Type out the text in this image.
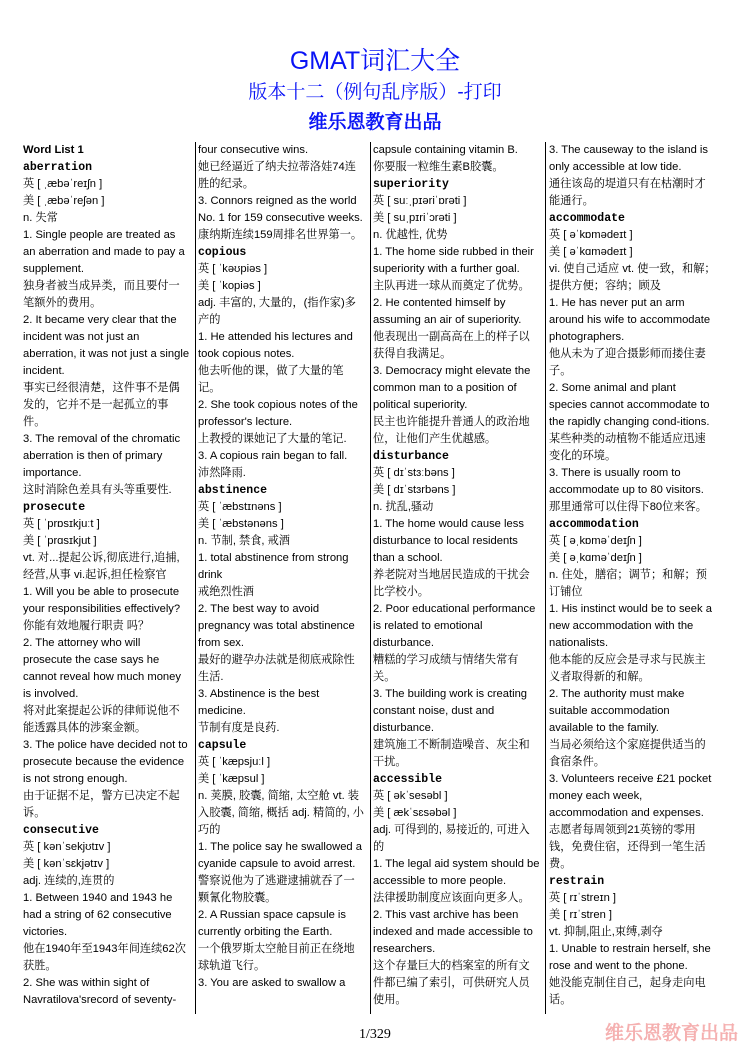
GMAT词汇大全
版本十二（例句乱序版）-打印
维乐恩教育出品
Word List 1
aberration
英 [ ˌæbəˈreɪʃn ]
美 [ ˌæbəˈreʃən ]
n. 失常
1. Single people are treated as an aberration and made to pay a supplement.
独身者被当成异类，而且要付一笔额外的费用。
2. It became very clear that the incident was not just an aberration, it was not just a single incident.
事实已经很清楚，这件事不是偶发的，它并不是一起孤立的事件。
3. The removal of the chromatic aberration is then of primary importance.
这时消除色差具有头等重要性.
prosecute
英 [ ˈprɒsɪkjuːt ]
美 [ ˈprɑsɪkjut ]
vt. 对...提起公诉,彻底进行,追捕,经营,从事 vi.起诉,担任检察官
1. Will you be able to prosecute your responsibilities effectively?
你能有效地履行职责 吗？
2. The attorney who will prosecute the case says he cannot reveal how much money is involved.
将对此案提起公诉的律师说他不能透露具体的涉案金额。
3. The police have decided not to prosecute because the evidence is not strong enough.
由于证据不足，警方已决定不起诉。
consecutive
英 [ kənˈsekjʊtɪv ]
美 [ kənˈsɛkjətɪv ]
adj. 连续的,连贯的
1. Between 1940 and 1943 he had a string of 62 consecutive victories.
他在1940年至1943年间连续62次获胜。
2. She was within sight of Navratilova'srecord of seventy-
four consecutive wins.
她已经逼近了纳夫拉蒂洛娃74连胜的纪录。
3. Connors reigned as the world No. 1 for 159 consecutive weeks.
康纳斯连续159周排名世界第一。
copious
英 [ ˈkəʊpiəs ]
美 [ ˈkopiəs ]
adj. 丰富的, 大量的，(指作家)多产的
1. He attended his lectures and took copious notes.
他去听他的课，做了大量的笔记。
2. She took copious notes of the professor's lecture.
上教授的课她记了大量的笔记.
3. A copious rain began to fall.
沛然降雨.
abstinence
英 [ ˈæbstɪnəns ]
美 [ ˈæbstənəns ]
n. 节制, 禁食, 戒酒
1. total abstinence from strong drink
戒绝烈性酒
2. The best way to avoid pregnancy was total abstinence from sex.
最好的避孕办法就是彻底戒除性生活.
3. Abstinence is the best medicine.
节制有度是良药.
capsule
英 [ ˈkæpsjuːl ]
美 [ ˈkæpsul ]
n. 荚膜, 胶囊, 简缩, 太空舱 vt. 装入胶囊, 简缩, 概括 adj. 精简的, 小巧的
1. The police say he swallowed a cyanide capsule to avoid arrest.
警察说他为了逃避逮捕就吞了一颗氰化物胶囊。
2. A Russian space capsule is currently orbiting the Earth.
一个俄罗斯太空舱目前正在绕地球轨道飞行。
3. You are asked to swallow a
capsule containing vitamin B.
你要服一粒维生素B胶囊。
superiority
英 [ suːˌpɪəriˈɒrəti ]
美 [ suˌpɪriˈɔrəti ]
n. 优越性, 优势
1. The home side rubbed in their superiority with a further goal.
主队再进一球从而奠定了优势。
2. He contented himself by assuming an air of superiority.
他表现出一副高高在上的样子以获得自我满足。
3. Democracy might elevate the common man to a position of political superiority.
民主也许能提升普通人的政治地位，让他们产生优越感。
disturbance
英 [ dɪˈstɜːbəns ]
美 [ dɪˈstɜrbəns ]
n. 扰乱,骚动
1. The home would cause less disturbance to local residents than a school.
养老院对当地居民造成的干扰会比学校小。
2. Poor educational performance is related to emotional disturbance.
糟糕的学习成绩与情绪失常有关。
3. The building work is creating constant noise, dust and disturbance.
建筑施工不断制造噪音、灰尘和干扰。
accessible
英 [ əkˈsesəbl ]
美 [ ækˈsɛsəbəl ]
adj. 可得到的, 易接近的, 可进入的
1. The legal aid system should be accessible to more people.
法律援助制度应该面向更多人。
2. This vast archive has been indexed and made accessible to researchers.
这个存量巨大的档案室的所有文件都已编了索引，可供研究人员使用。
3. The causeway to the island is only accessible at low tide.
通往该岛的堤道只有在枯潮时才能通行。
accommodate
英 [ əˈkɒmədeɪt ]
美 [ əˈkɑmədeɪt ]
vi. 使自己适应 vt. 使一致，和解；提供方便；容纳；顾及
1. He has never put an arm around his wife to accommodate photographers.
他从未为了迎合摄影师而搂住妻子。
2. Some animal and plant species cannot accommodate to the rapidly changing cond-itions.
某些种类的动植物不能适应迅速变化的环境。
3. There is usually room to accommodate up to 80 visitors.
那里通常可以住得下80位来客。
accommodation
英 [ əˌkɒməˈdeɪʃn ]
美 [ əˌkɑməˈdeɪʃn ]
n. 住处，膳宿；调节；和解；预订铺位
1. His instinct would be to seek a new accommodation with the nationalists.
他本能的反应会是寻求与民族主义者取得新的和解。
2. The authority must make suitable accommodation available to the family.
当局必须给这个家庭提供适当的食宿条件。
3. Volunteers receive £21 pocket money each week, accommodation and expenses.
志愿者每周领到21英镑的零用钱，免费住宿，还得到一笔生活费。
restrain
英 [ rɪˈstreɪn ]
美 [ rɪˈstren ]
vt. 抑制,阻止,束缚,剥夺
1. Unable to restrain herself, she rose and went to the phone.
她没能克制住自己，起身走向电话。
1/329	维乐恩教育出品
